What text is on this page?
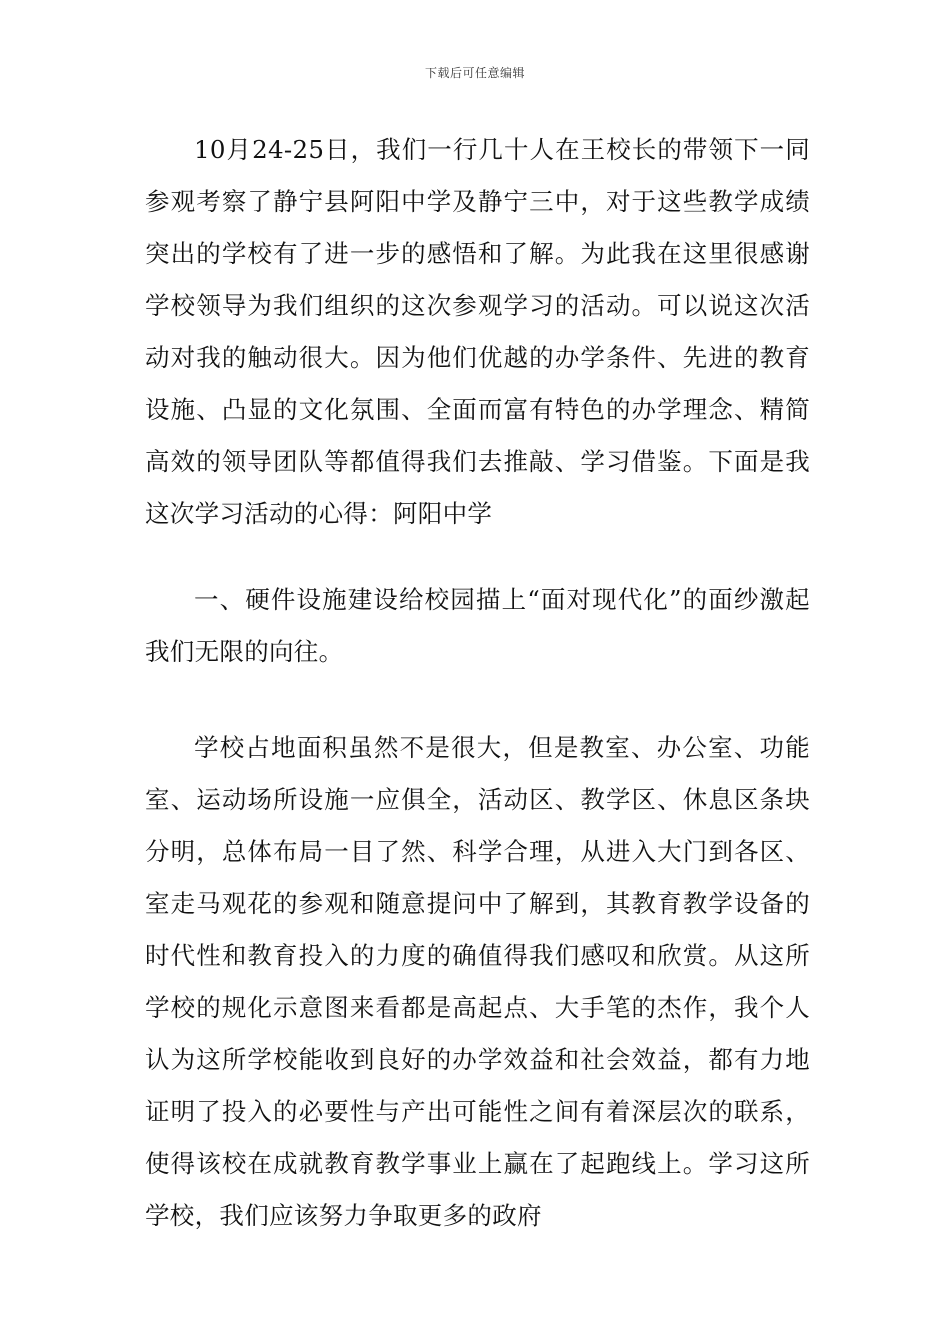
下载后可任意编辑

10月24-25日，我们一行几十人在王校长的带领下一同参观考察了静宁县阿阳中学及静宁三中，对于这些教学成绩突出的学校有了进一步的感悟和了解。为此我在这里很感谢学校领导为我们组织的这次参观学习的活动。可以说这次活动对我的触动很大。因为他们优越的办学条件、先进的教育设施、凸显的文化氛围、全面而富有特色的办学理念、精简高效的领导团队等都值得我们去推敲、学习借鉴。下面是我这次学习活动的心得：阿阳中学

一、硬件设施建设给校园描上“面对现代化”的面纱激起我们无限的向往。

学校占地面积虽然不是很大，但是教室、办公室、功能室、运动场所设施一应俱全，活动区、教学区、休息区条块分明，总体布局一目了然、科学合理，从进入大门到各区、室走马观花的参观和随意提问中了解到，其教育教学设备的时代性和教育投入的力度的确值得我们感叹和欣赏。从这所学校的规化示意图来看都是高起点、大手笔的杰作，我个人认为这所学校能收到良好的办学效益和社会效益，都有力地证明了投入的必要性与产出可能性之间有着深层次的联系，使得该校在成就教育教学事业上赢在了起跑线上。学习这所学校，我们应该努力争取更多的政府
